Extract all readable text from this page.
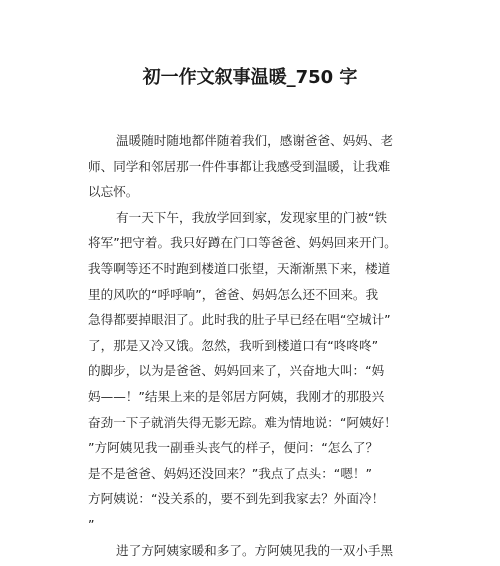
初一作文叙事温暖_750 字
温暖随时随地都伴随着我们，感谢爸爸、妈妈、老
师、同学和邻居那一件件事都让我感受到温暖，让我难
以忘怀。
有一天下午，我放学回到家，发现家里的门被“铁
将军”把守着。我只好蹲在门口等爸爸、妈妈回来开门。
我等啊等还不时跑到楼道口张望，天渐渐黑下来，楼道
里的风吹的“呼呼响”，爸爸、妈妈怎么还不回来。我
急得都要掉眼泪了。此时我的肚子早已经在唱“空城计”
了，那是又冷又饿。忽然，我听到楼道口有“咚咚咚”
的脚步，以为是爸爸、妈妈回来了，兴奋地大叫：“妈
妈——！”结果上来的是邻居方阿姨，我刚才的那股兴
奋劲一下子就消失得无影无踪。难为情地说：“阿姨好！
”方阿姨见我一副垂头丧气的样子，便问：“怎么了？
是不是爸爸、妈妈还没回来？”我点了点头：“嗯！”
方阿姨说：“没关系的，要不到先到我家去？外面冷！
”
进了方阿姨家暖和多了。方阿姨见我的一双小手黑
